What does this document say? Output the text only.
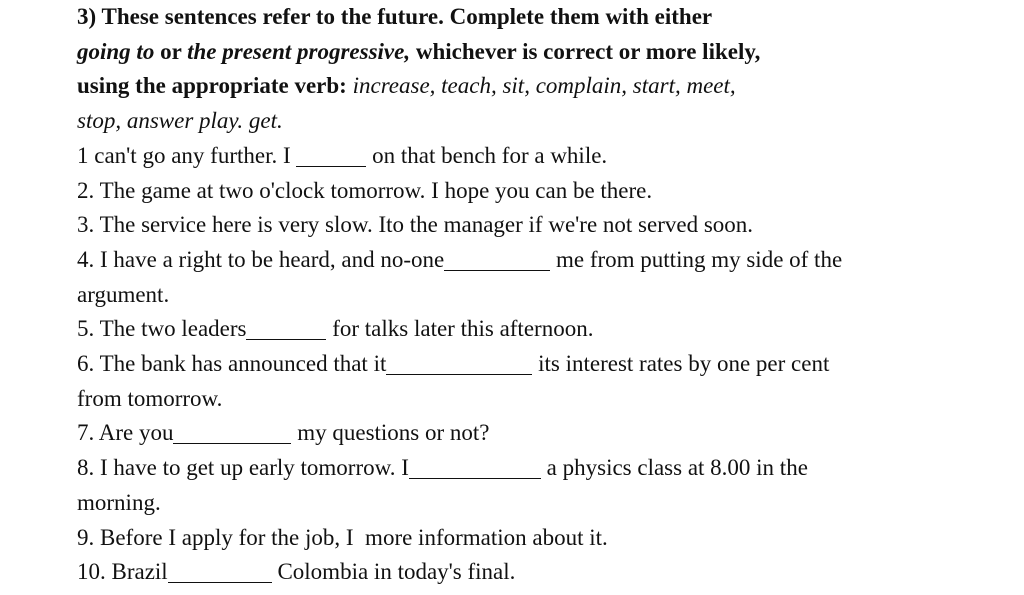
3) These sentences refer to the future. Complete them with either
going to or the present progressive, whichever is correct or more likely,
using the appropriate verb: increase, teach, sit, complain, start, meet,
stop, answer play. get.
1 can't go any further. I	on that bench for a while.
2. The game at two o'clock tomorrow. I hope you can be there.
3. The service here is very slow. Ito the manager if we're not served soon.
4. I have a right to be heard, and no-one	me from putting my side of the
argument.
5. The two leaders	for talks later this afternoon.
6. The bank has announced that it	its interest rates by one per cent
from tomorrow.
7. Are you	my questions or not?
8. I have to get up early tomorrow. I	a physics class at 8.00 in the
morning.
9. Before I apply for the job, I  more information about it.
10. Brazil	Colombia in today's final.
